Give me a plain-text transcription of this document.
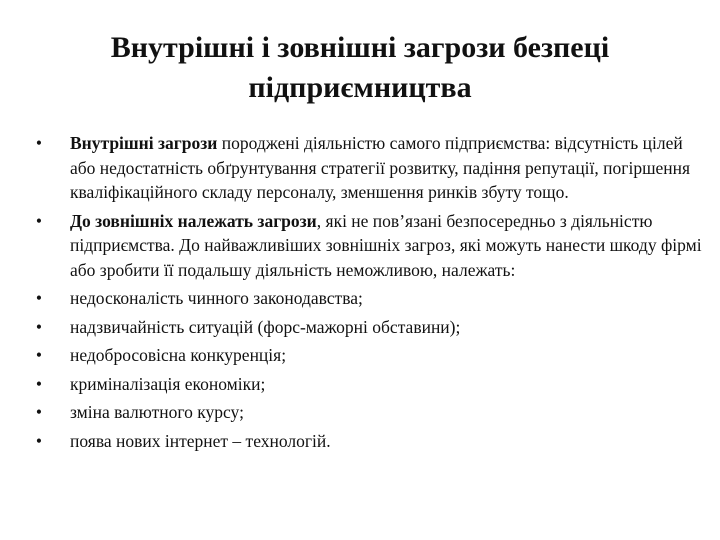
Внутрішні і зовнішні загрози безпеці
підприємництва
• Внутрішні загрози породжені діяльністю самого підприємства: відсутність цілей або недостатність обґрунтування стратегії розвитку, падіння репутації, погіршення кваліфікаційного складу персоналу, зменшення ринків збуту тощо.
• До зовнішніх належать загрози, які не пов’язані безпосередньо з діяльністю підприємства. До найважливіших зовнішніх загроз, які можуть нанести шкоду фірмі або зробити її подальшу діяльність неможливою, належать:
• недосконалість чинного законодавства;
• надзвичайність ситуацій (форс-мажорні обставини);
• недобросовісна конкуренція;
• криміналізація економіки;
• зміна валютного курсу;
• поява нових інтернет – технологій.
